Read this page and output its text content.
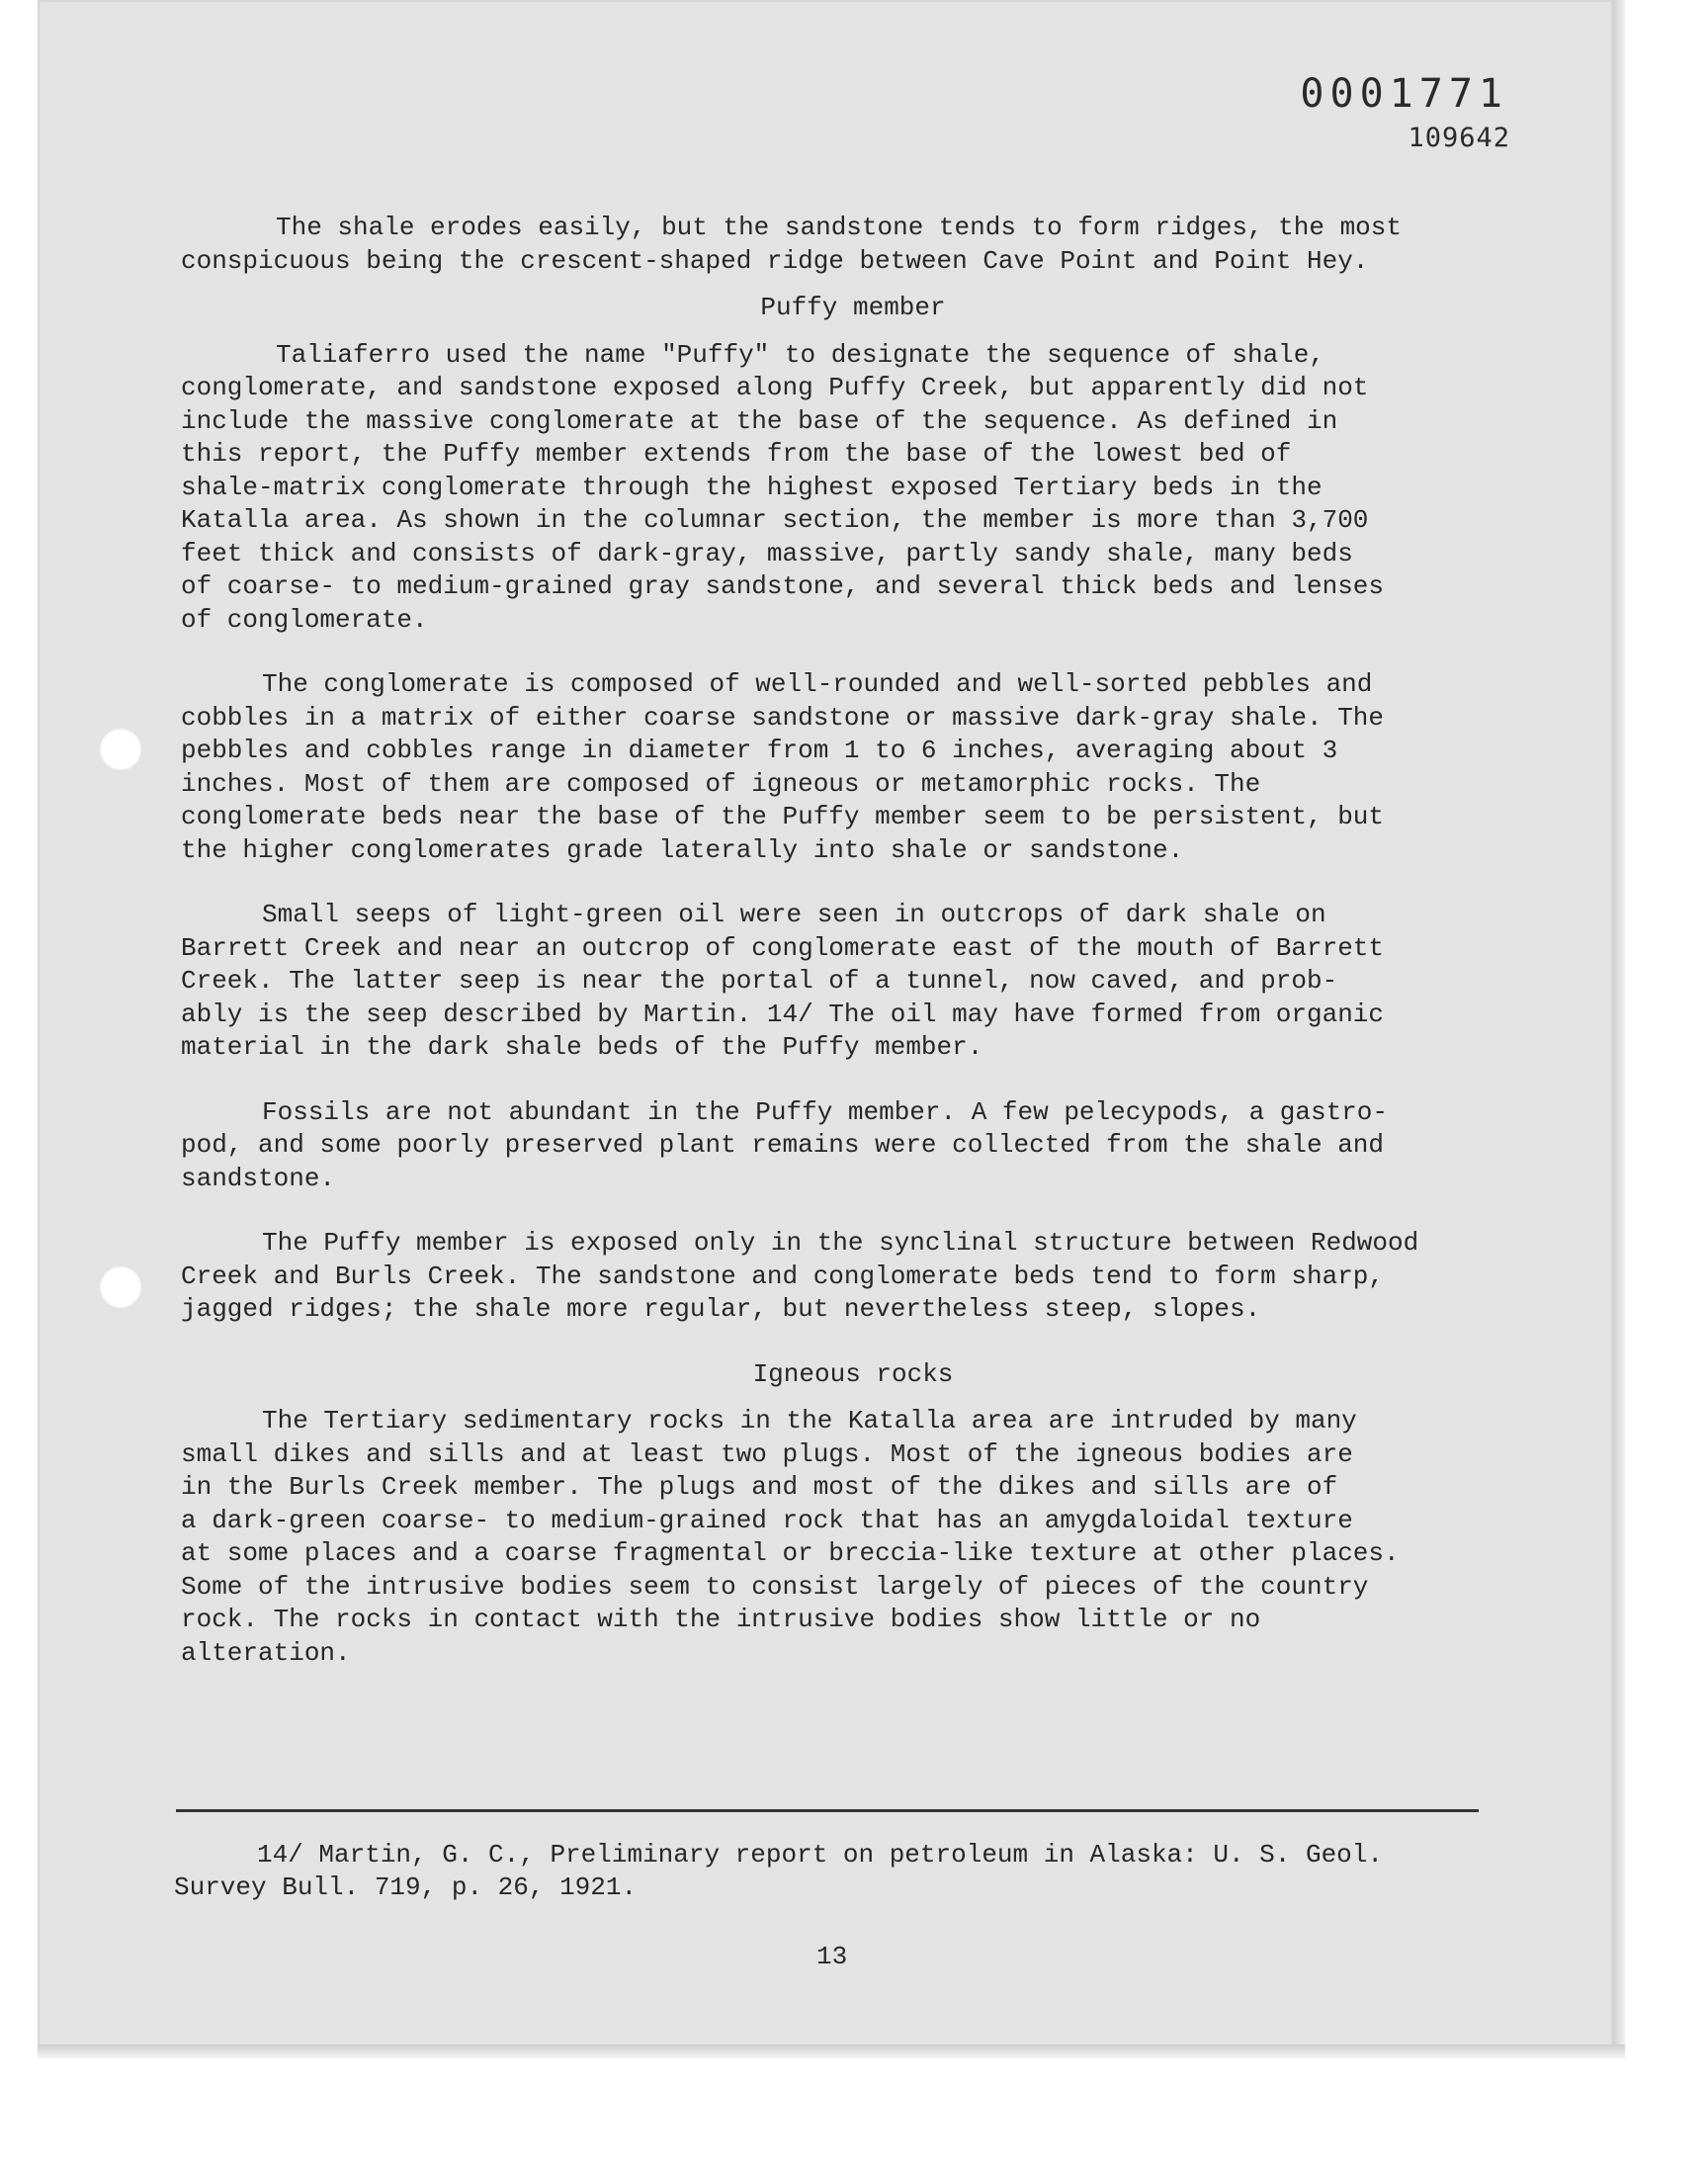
0001771
109642

The shale erodes easily, but the sandstone tends to form ridges, the most
conspicuous being the crescent-shaped ridge between Cave Point and Point Hey.

Puffy member

Taliaferro used the name "Puffy" to designate the sequence of shale,
conglomerate, and sandstone exposed along Puffy Creek, but apparently did not
include the massive conglomerate at the base of the sequence. As defined in
this report, the Puffy member extends from the base of the lowest bed of
shale-matrix conglomerate through the highest exposed Tertiary beds in the
Katalla area. As shown in the columnar section, the member is more than 3,700
feet thick and consists of dark-gray, massive, partly sandy shale, many beds
of coarse- to medium-grained gray sandstone, and several thick beds and lenses
of conglomerate.

The conglomerate is composed of well-rounded and well-sorted pebbles and
cobbles in a matrix of either coarse sandstone or massive dark-gray shale. The
pebbles and cobbles range in diameter from 1 to 6 inches, averaging about 3
inches. Most of them are composed of igneous or metamorphic rocks. The
conglomerate beds near the base of the Puffy member seem to be persistent, but
the higher conglomerates grade laterally into shale or sandstone.

Small seeps of light-green oil were seen in outcrops of dark shale on
Barrett Creek and near an outcrop of conglomerate east of the mouth of Barrett
Creek. The latter seep is near the portal of a tunnel, now caved, and prob-
ably is the seep described by Martin. 14/ The oil may have formed from organic
material in the dark shale beds of the Puffy member.

Fossils are not abundant in the Puffy member. A few pelecypods, a gastro-
pod, and some poorly preserved plant remains were collected from the shale and
sandstone.

The Puffy member is exposed only in the synclinal structure between Redwood
Creek and Burls Creek. The sandstone and conglomerate beds tend to form sharp,
jagged ridges; the shale more regular, but nevertheless steep, slopes.

Igneous rocks

The Tertiary sedimentary rocks in the Katalla area are intruded by many
small dikes and sills and at least two plugs. Most of the igneous bodies are
in the Burls Creek member. The plugs and most of the dikes and sills are of
a dark-green coarse- to medium-grained rock that has an amygdaloidal texture
at some places and a coarse fragmental or breccia-like texture at other places.
Some of the intrusive bodies seem to consist largely of pieces of the country
rock. The rocks in contact with the intrusive bodies show little or no
alteration.

14/ Martin, G. C., Preliminary report on petroleum in Alaska: U. S. Geol.
Survey Bull. 719, p. 26, 1921.
13
